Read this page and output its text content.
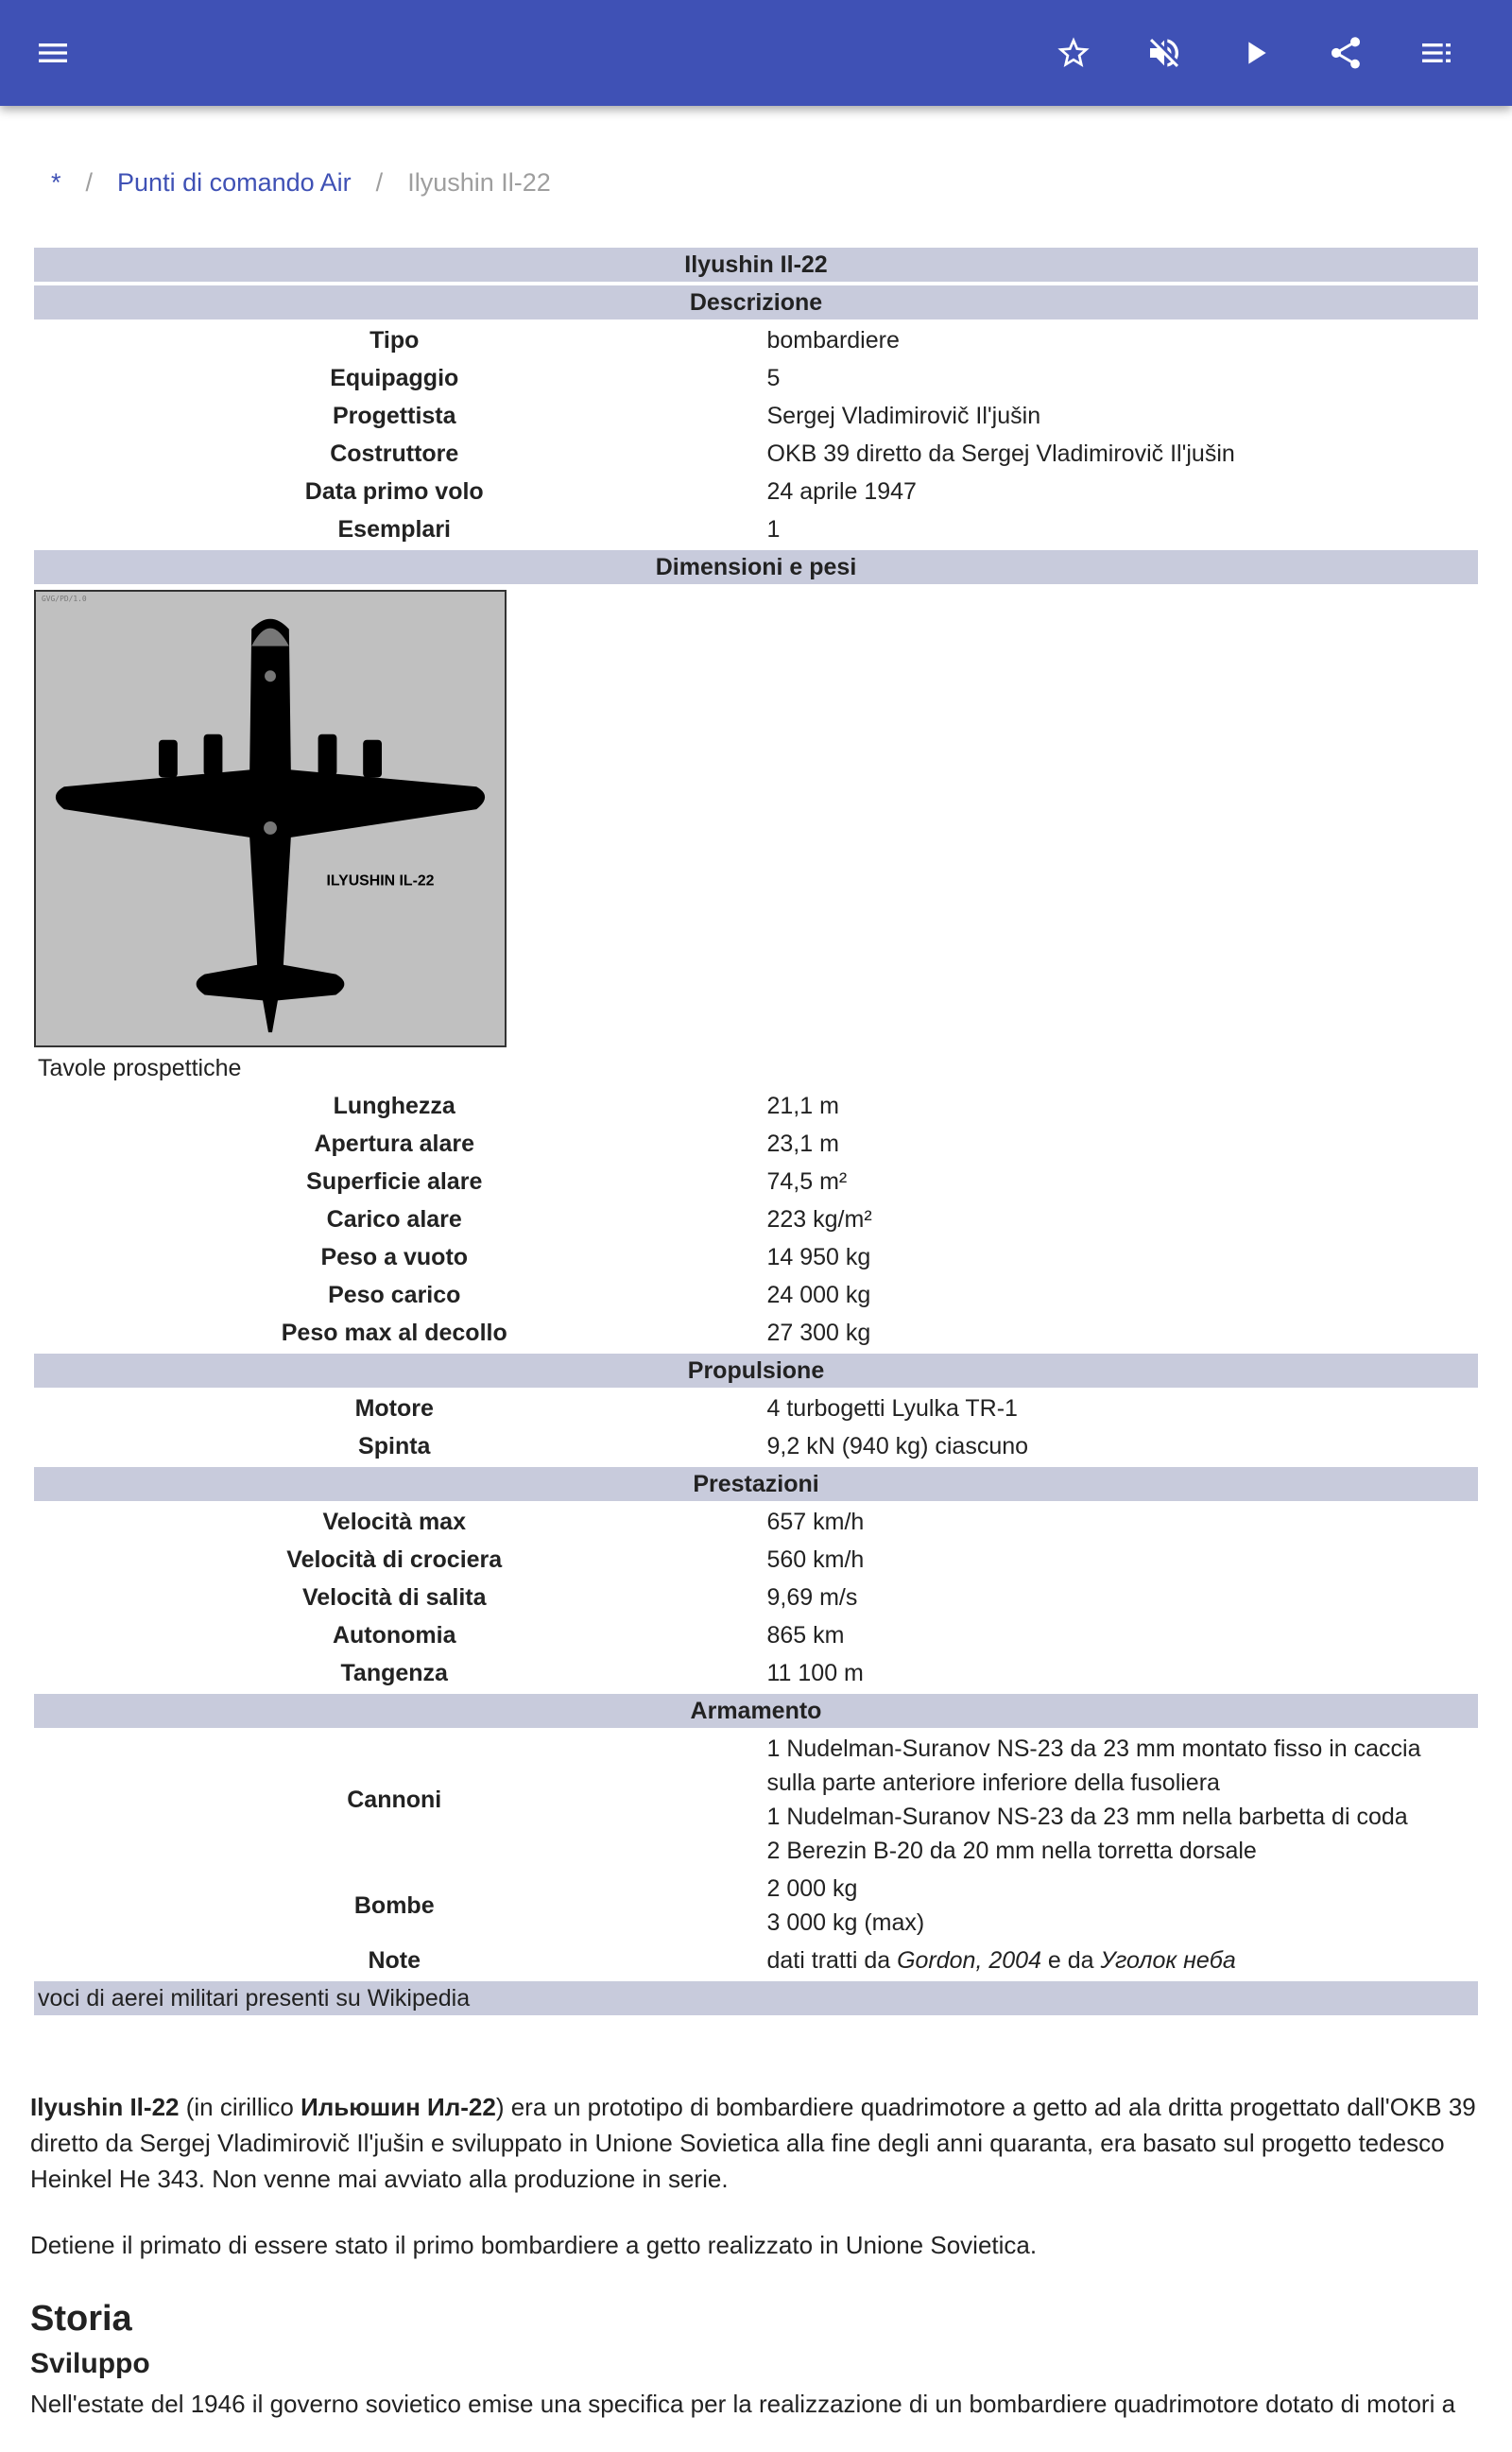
* / Punti di comando Air / Ilyushin Il-22
Ilyushin Il-22	
Descrizione	
Tipo	bombardiere
Equipaggio	5
Progettista	Sergej Vladimirovič Il'jušin
Costruttore	OKB 39 diretto da Sergej Vladimirovič Il'jušin
Data primo volo	24 aprile 1947
Esemplari	1
Dimensioni e pesi	

GVG/PD/1.0
ILYUSHIN IL-22	

Tavole prospettiche	
Lunghezza	21,1 m
Apertura alare	23,1 m
Superficie alare	74,5 m²
Carico alare	223 kg/m²
Peso a vuoto	14 950 kg
Peso carico	24 000 kg
Peso max al decollo	27 300 kg
Propulsione	
Motore	4 turbogetti Lyulka TR-1
Spinta	9,2 kN (940 kg) ciascuno
Prestazioni	
Velocità max	657 km/h
Velocità di crociera	560 km/h
Velocità di salita	9,69 m/s
Autonomia	865 km
Tangenza	11 100 m
Armamento	
Cannoni	1 Nudelman-Suranov NS-23 da 23 mm montato fisso in caccia sulla parte anteriore inferiore della fusoliera
1 Nudelman-Suranov NS-23 da 23 mm nella barbetta di coda
2 Berezin B-20 da 20 mm nella torretta dorsale

Bombe	2 000 kg
3 000 kg (max)

Note	dati tratti da Gordon, 2004 e da Уголок неба
voci di aerei militari presenti su Wikipedia	

Ilyushin Il-22 (in cirillico Ильюшин Ил-22) era un prototipo di bombardiere quadrimotore a getto ad ala dritta progettato dall'OKB 39 diretto da Sergej Vladimirovič Il'jušin e sviluppato in Unione Sovietica alla fine degli anni quaranta, era basato sul progetto tedesco Heinkel He 343. Non venne mai avviato alla produzione in serie.

Detiene il primato di essere stato il primo bombardiere a getto realizzato in Unione Sovietica.

Storia
Sviluppo

Nell'estate del 1946 il governo sovietico emise una specifica per la realizzazione di un bombardiere quadrimotore dotato di motori a
